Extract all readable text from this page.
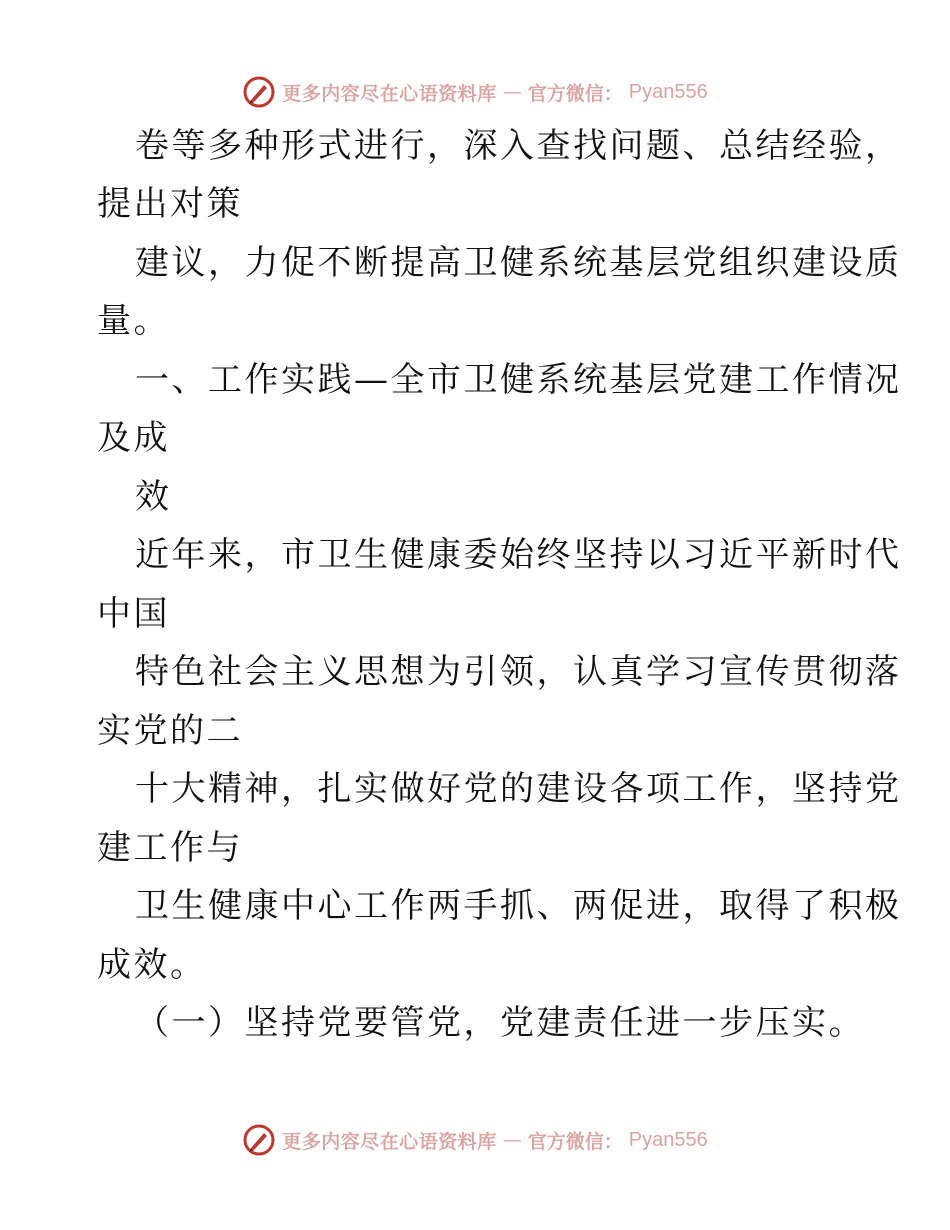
更多内容尽在心语资料库 — 官方微信： Pyan556
卷等多种形式进行，深入查找问题、总结经验，
提出对策
建议，力促不断提高卫健系统基层党组织建设质
量。
一、工作实践—全市卫健系统基层党建工作情况
及成
效
近年来，市卫生健康委始终坚持以习近平新时代
中国
特色社会主义思想为引领，认真学习宣传贯彻落
实党的二
十大精神，扎实做好党的建设各项工作，坚持党
建工作与
卫生健康中心工作两手抓、两促进，取得了积极
成效。
（一）坚持党要管党，党建责任进一步压实。
更多内容尽在心语资料库 — 官方微信： Pyan556
